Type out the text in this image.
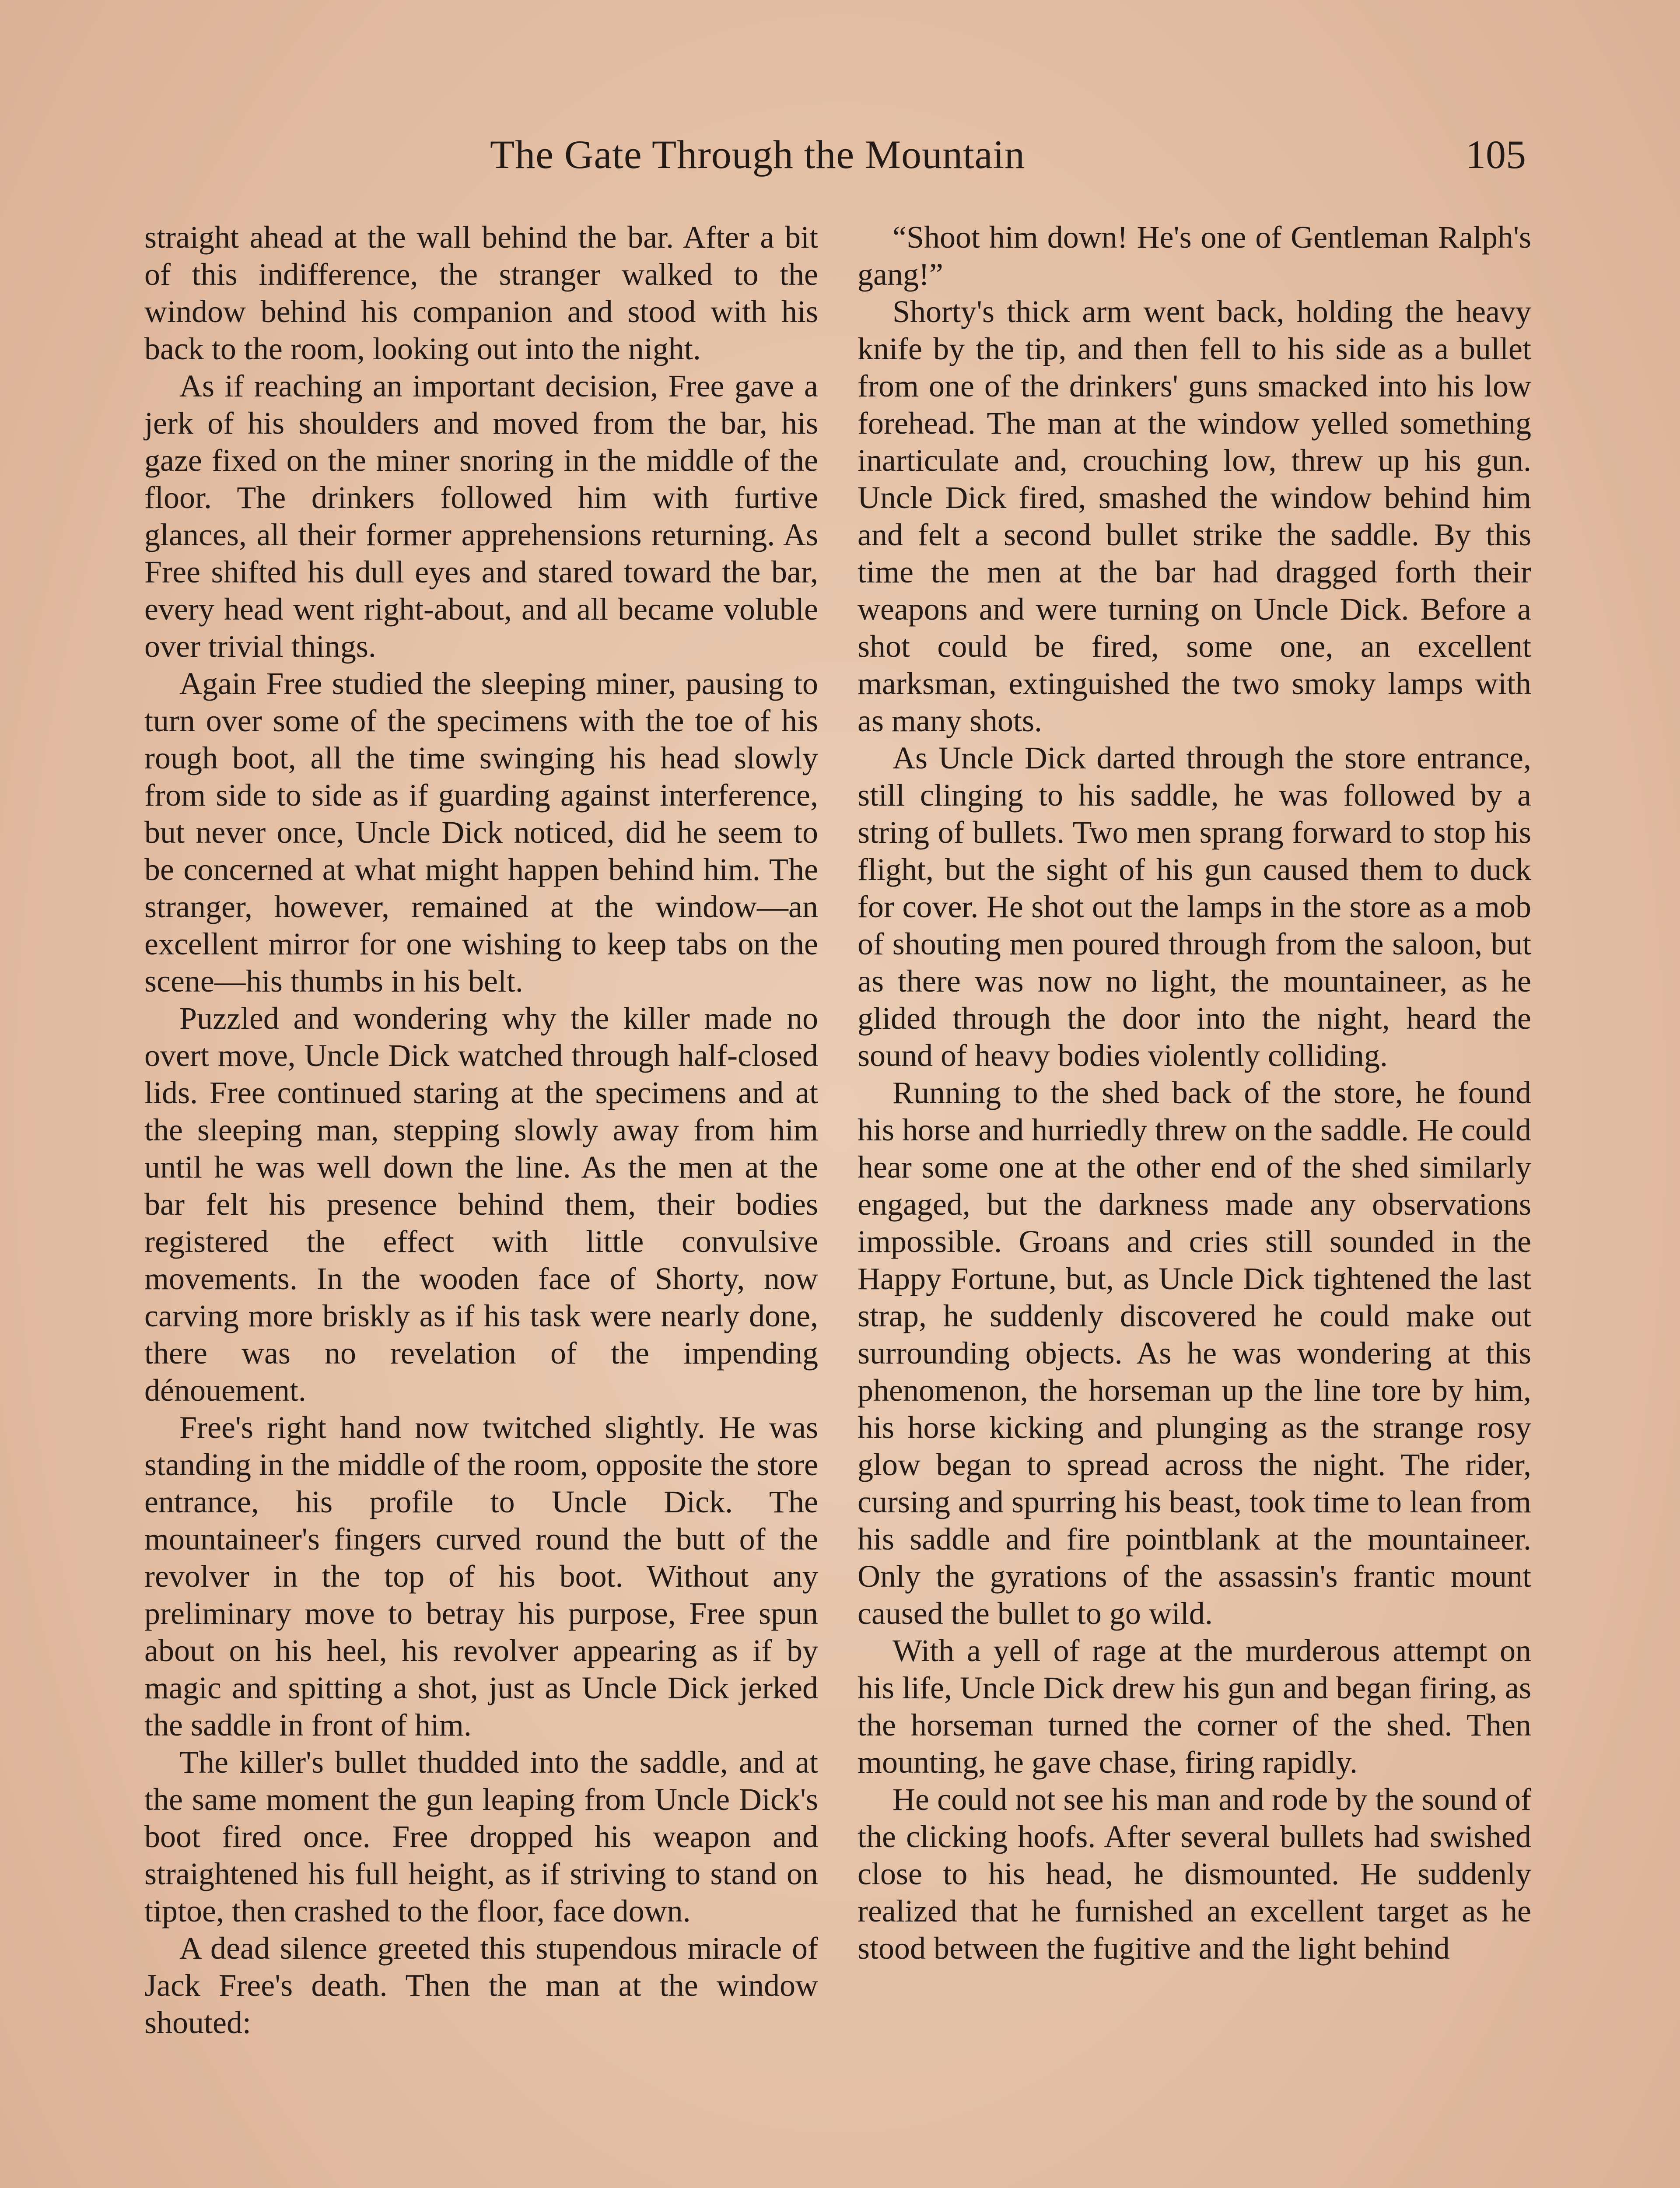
The Gate Through the Mountain	105

straight ahead at the wall behind the bar. After a bit of this indifference, the stranger walked to the window behind his companion and stood with his back to the room, looking out into the night.

As if reaching an important decision, Free gave a jerk of his shoulders and moved from the bar, his gaze fixed on the miner snoring in the middle of the floor. The drinkers followed him with furtive glances, all their former apprehensions returning. As Free shifted his dull eyes and stared toward the bar, every head went right-about, and all became voluble over trivial things.

Again Free studied the sleeping miner, pausing to turn over some of the specimens with the toe of his rough boot, all the time swinging his head slowly from side to side as if guarding against interference, but never once, Uncle Dick noticed, did he seem to be concerned at what might happen behind him. The stranger, however, remained at the window—an excellent mirror for one wishing to keep tabs on the scene—his thumbs in his belt.

Puzzled and wondering why the killer made no overt move, Uncle Dick watched through half-closed lids. Free continued staring at the specimens and at the sleeping man, stepping slowly away from him until he was well down the line. As the men at the bar felt his presence behind them, their bodies registered the effect with little convulsive movements. In the wooden face of Shorty, now carving more briskly as if his task were nearly done, there was no revelation of the impending dénouement.

Free's right hand now twitched slightly. He was standing in the middle of the room, opposite the store entrance, his profile to Uncle Dick. The mountaineer's fingers curved round the butt of the revolver in the top of his boot. Without any preliminary move to betray his purpose, Free spun about on his heel, his revolver appearing as if by magic and spitting a shot, just as Uncle Dick jerked the saddle in front of him.

The killer's bullet thudded into the saddle, and at the same moment the gun leaping from Uncle Dick's boot fired once. Free dropped his weapon and straightened his full height, as if striving to stand on tiptoe, then crashed to the floor, face down.

A dead silence greeted this stupendous miracle of Jack Free's death. Then the man at the window shouted:

“Shoot him down! He's one of Gentleman Ralph's gang!”

Shorty's thick arm went back, holding the heavy knife by the tip, and then fell to his side as a bullet from one of the drinkers' guns smacked into his low forehead. The man at the window yelled something inarticulate and, crouching low, threw up his gun. Uncle Dick fired, smashed the window behind him and felt a second bullet strike the saddle. By this time the men at the bar had dragged forth their weapons and were turning on Uncle Dick. Before a shot could be fired, some one, an excellent marksman, extinguished the two smoky lamps with as many shots.

As Uncle Dick darted through the store entrance, still clinging to his saddle, he was followed by a string of bullets. Two men sprang forward to stop his flight, but the sight of his gun caused them to duck for cover. He shot out the lamps in the store as a mob of shouting men poured through from the saloon, but as there was now no light, the mountaineer, as he glided through the door into the night, heard the sound of heavy bodies violently colliding.

Running to the shed back of the store, he found his horse and hurriedly threw on the saddle. He could hear some one at the other end of the shed similarly engaged, but the darkness made any observations impossible. Groans and cries still sounded in the Happy Fortune, but, as Uncle Dick tightened the last strap, he suddenly discovered he could make out surrounding objects. As he was wondering at this phenomenon, the horseman up the line tore by him, his horse kicking and plunging as the strange rosy glow began to spread across the night. The rider, cursing and spurring his beast, took time to lean from his saddle and fire pointblank at the mountaineer. Only the gyrations of the assassin's frantic mount caused the bullet to go wild.

With a yell of rage at the murderous attempt on his life, Uncle Dick drew his gun and began firing, as the horseman turned the corner of the shed. Then mounting, he gave chase, firing rapidly.

He could not see his man and rode by the sound of the clicking hoofs. After several bullets had swished close to his head, he dismounted. He suddenly realized that he furnished an excellent target as he stood between the fugitive and the light behind
